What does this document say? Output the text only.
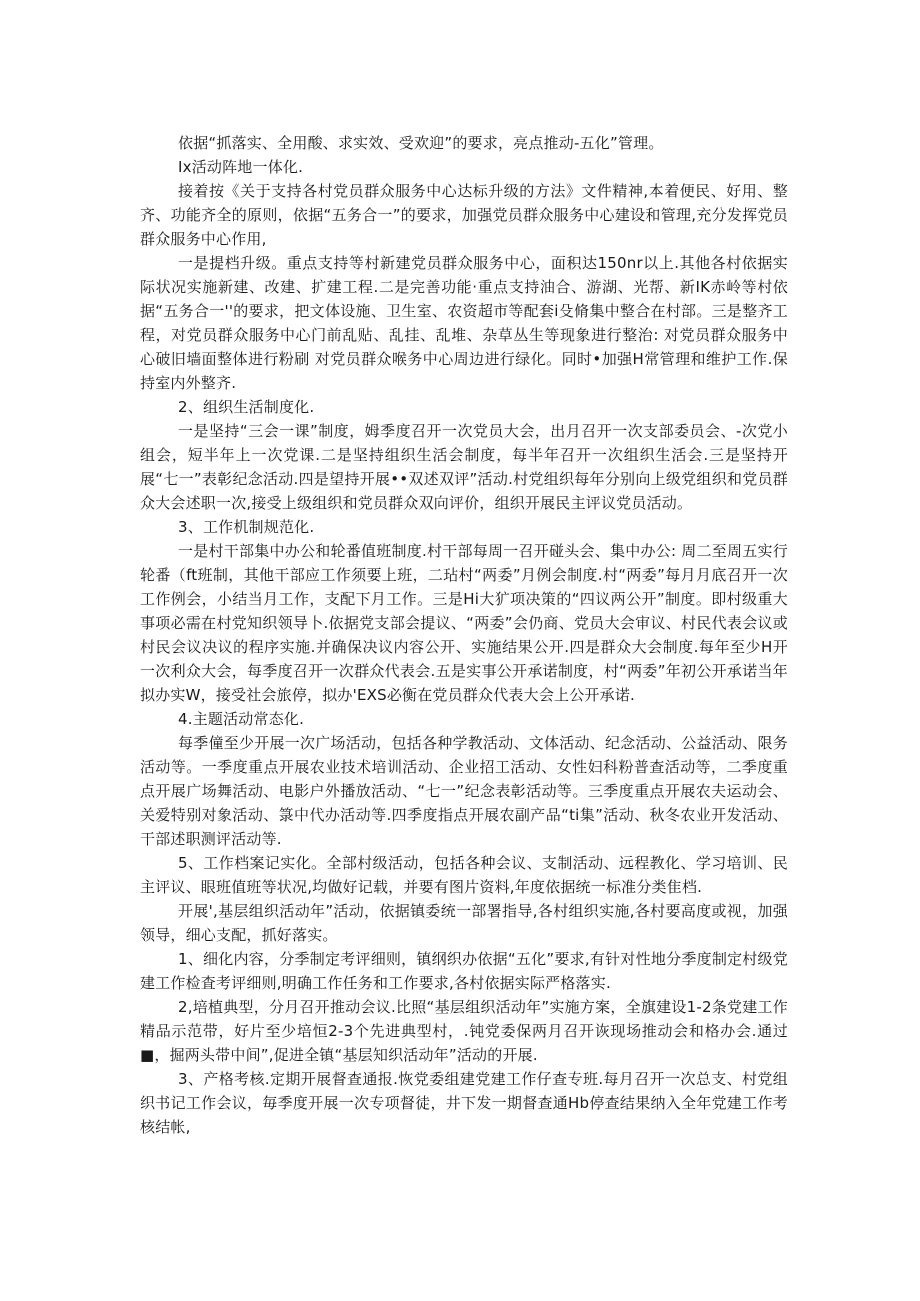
依据“抓落实、全用酸、求实效、受欢迎”的要求，亮点推动-五化”管理。

Ix活动阵地一体化.

接着按《关于支持各村党员群众服务中心达标升级的方法》文件精神,本着便民、好用、整齐、功能齐全的原则，依据“五务合一”的要求，加强党员群众服务中心建设和管理,充分发挥党员群众服务中心作用,

一是提档升级。重点支持等村新建党员群众服务中心，面积达150nr以上.其他各村依据实际状况实施新建、改建、扩建工程.二是完善功能·重点支持油合、游湖、光帮、新IK赤岭等村依据“五务合一''的要求，把文体设施、卫生室、农资超市等配套i殳脩集中整合在村部。三是整齐工程，对党员群众服务中心门前乱贴、乱挂、乱堆、杂草丛生等现象进行整治: 对党员群众服务中心破旧墙面整体进行粉刷 对党员群众喉务中心周边进行绿化。同时•加强H常管理和维护工作.保持室内外整齐.

2、组织生活制度化.

一是坚持“三会一课”制度，姆季度召开一次党员大会，出月召开一次支部委员会、-次党小组会，短半年上一次党课.二是坚持组织生活会制度，每半年召开一次组织生活会.三是坚持开展“七一”表彰纪念活动.四是望持开展••双述双评”活动.村党组织每年分别向上级党组织和党员群众大会述职一次,接受上级组织和党员群众双向评价，组织开展民主评议党员活动。

3、工作机制规范化.

一是村干部集中办公和轮番值班制度.村干部每周一召开碰头会、集中办公: 周二至周五实行轮番（ft班制，其他干部应工作须要上班，二玷村“两委”月例会制度.村“两委”每月月底召开一次工作例会，小结当月工作，支配下月工作。三是Hi大犷项决策的“四议两公开”制度。即村级重大事项必需在村党知织领导卜.依据党支部会提议、“两委”会仍商、党员大会审议、村民代表会议或村民会议决议的程序实施.并确保决议内容公开、实施结果公开.四是群众大会制度.每年至少H开一次利众大会，每季度召开一次群众代表会.五是实事公开承诺制度，村“两委”年初公开承诺当年拟办实W，接受社会旅停，拟办'EXS必衡在党员群众代表大会上公开承诺.

4.主题活动常态化.

每季僮至少开展一次广场活动，包括各种学教活动、文体活动、纪念活动、公益活动、限务活动等。一季度重点开展农业技术培训活动、企业招工活动、女性妇科粉普查活动等，二季度重点开展广场舞活动、电影户外播放活动、“七一”纪念表彰活动等。三季度重点开展农夫运动会、关爱特别对象活动、箓中代办活动等.四季度指点开展农副产品“ti集”活动、秋冬农业开发活动、干部述职测评活动等.

5、工作档案记实化。全部村级活动，包括各种会议、支制活动、远程教化、学习培训、民主评议、眼班值班等状况,均做好记载，并要有图片资料,年度依据统一标准分类隹档.

开展',基层组织活动年”活动，依据镇委统一部署指导,各村组织实施,各村要高度或视，加强领导，细心支配，抓好落实。

1、细化内容，分季制定考评细则，镇纲织办依据“五化”要求,有针对性地分季度制定村级党建工作检査考评细则,明确工作任务和工作要求,各村依据实际严格落实.

2,培植典型，分月召开推动会议.比照“基层组织活动年”实施方案，全旗建设1-2条党建工作精品示范带，好片至少培恒2-3个先进典型村，.钝党委保两月召开诙现场推动会和格办会.通过■，掘两头带中间”,促进全镇“基层知织活动年”活动的开展.

3、产格考核.定期开展督查通报.恢党委组建党建工作仔查专班.每月召开一次总支、村党组织书记工作会议，毎季度开展一次专项督徒，井下发一期督查通Hb停查结果纳入全年党建工作考核结帐,
